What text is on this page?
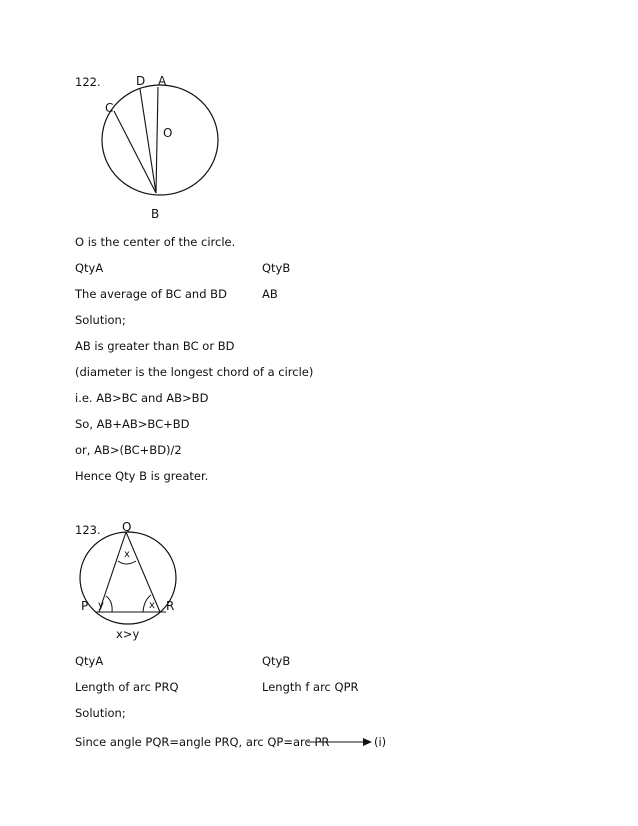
122.	D A
C
O
B
O is the center of the circle.
QtyA	QtyB
The average of BC and BD	AB
Solution;
AB is greater than BC or BD
(diameter is the longest chord of a circle)
i.e. AB>BC and AB>BD
So, AB+AB>BC+BD
or, AB>(BC+BD)/2
Hence Qty B is greater.
123. Q
P	R
x
y	x
x>y
QtyA	QtyB
Length of arc PRQ	Length f arc QPR
Solution;
Since angle PQR=angle PRQ, arc QP=arc PR	(i)
